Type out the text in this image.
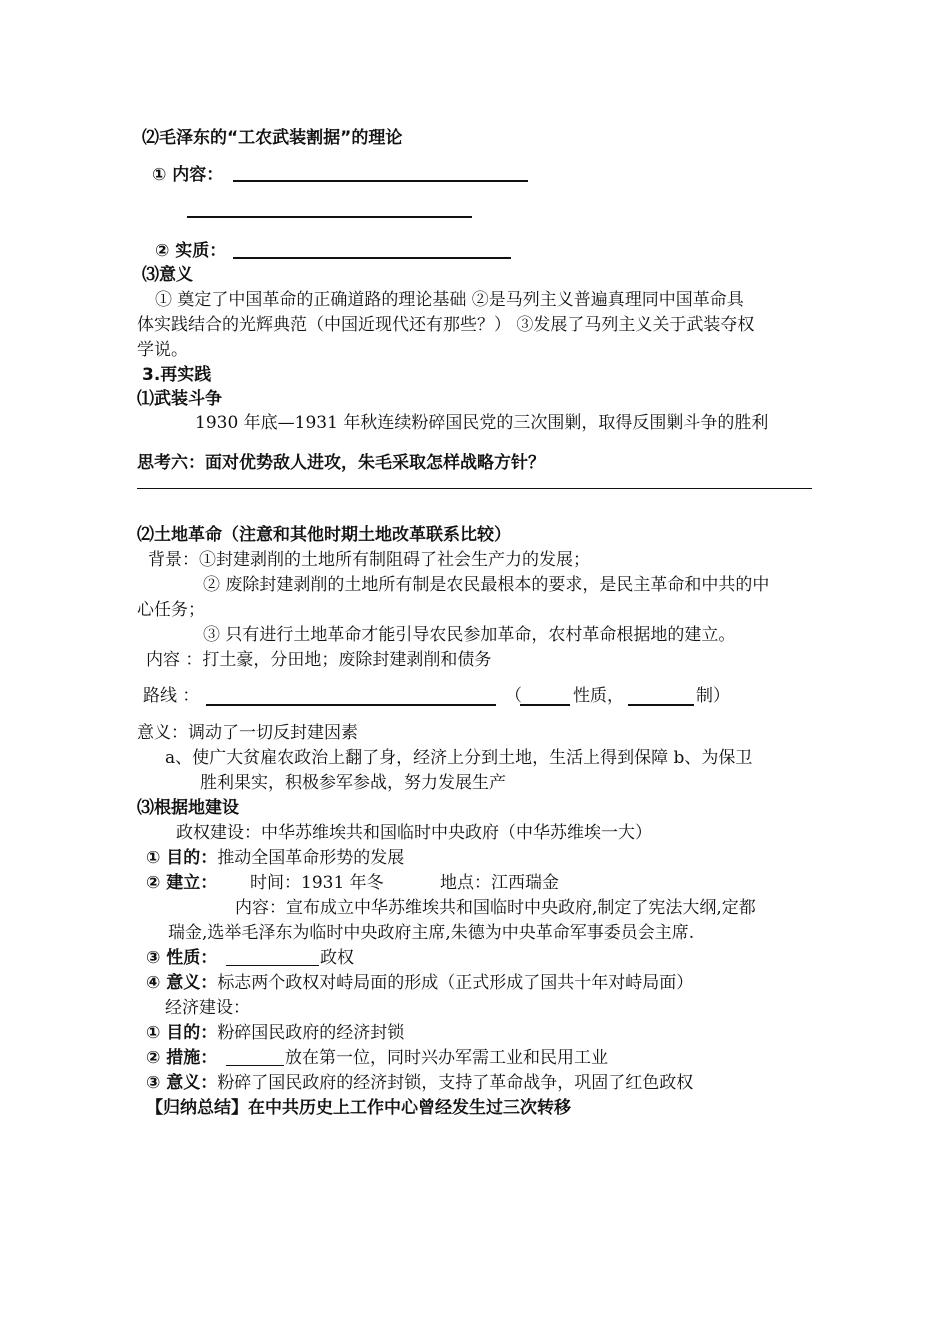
⑵毛泽东的“工农武装割据”的理论
① 内容：
② 实质：
⑶意义
① 奠定了中国革命的正确道路的理论基础 ②是马列主义普遍真理同中国革命具
体实践结合的光辉典范（中国近现代还有那些？） ③发展了马列主义关于武装夺权
学说。
3.再实践
⑴武装斗争
1930 年底—1931 年秋连续粉碎国民党的三次围剿，取得反围剿斗争的胜利
思考六：面对优势敌人进攻，朱毛采取怎样战略方针？
⑵土地革命（注意和其他时期土地改革联系比较）
背景：①封建剥削的土地所有制阻碍了社会生产力的发展；
② 废除封建剥削的土地所有制是农民最根本的要求，是民主革命和中共的中
心任务；
③ 只有进行土地革命才能引导农民参加革命，农村革命根据地的建立。
内容 ：打土豪，分田地；废除封建剥削和债务
路线 ：	（	性质，	制）
意义：调动了一切反封建因素
a、使广大贫雇农政治上翻了身，经济上分到土地，生活上得到保障 b、为保卫
胜利果实，积极参军参战，努力发展生产
⑶根据地建设
政权建设：中华苏维埃共和国临时中央政府（中华苏维埃一大）
① 目的：推动全国革命形势的发展
② 建立： 时间：1931 年冬	地点：江西瑞金
内容：宣布成立中华苏维埃共和国临时中央政府,制定了宪法大纲,定都
瑞金,选举毛泽东为临时中央政府主席,朱德为中央革命军事委员会主席.
③ 性质：	政权
④ 意义：标志两个政权对峙局面的形成（正式形成了国共十年对峙局面）
经济建设：
① 目的：粉碎国民政府的经济封锁
② 措施：	放在第一位，同时兴办军需工业和民用工业
③ 意义：粉碎了国民政府的经济封锁，支持了革命战争，巩固了红色政权
【归纳总结】在中共历史上工作中心曾经发生过三次转移
